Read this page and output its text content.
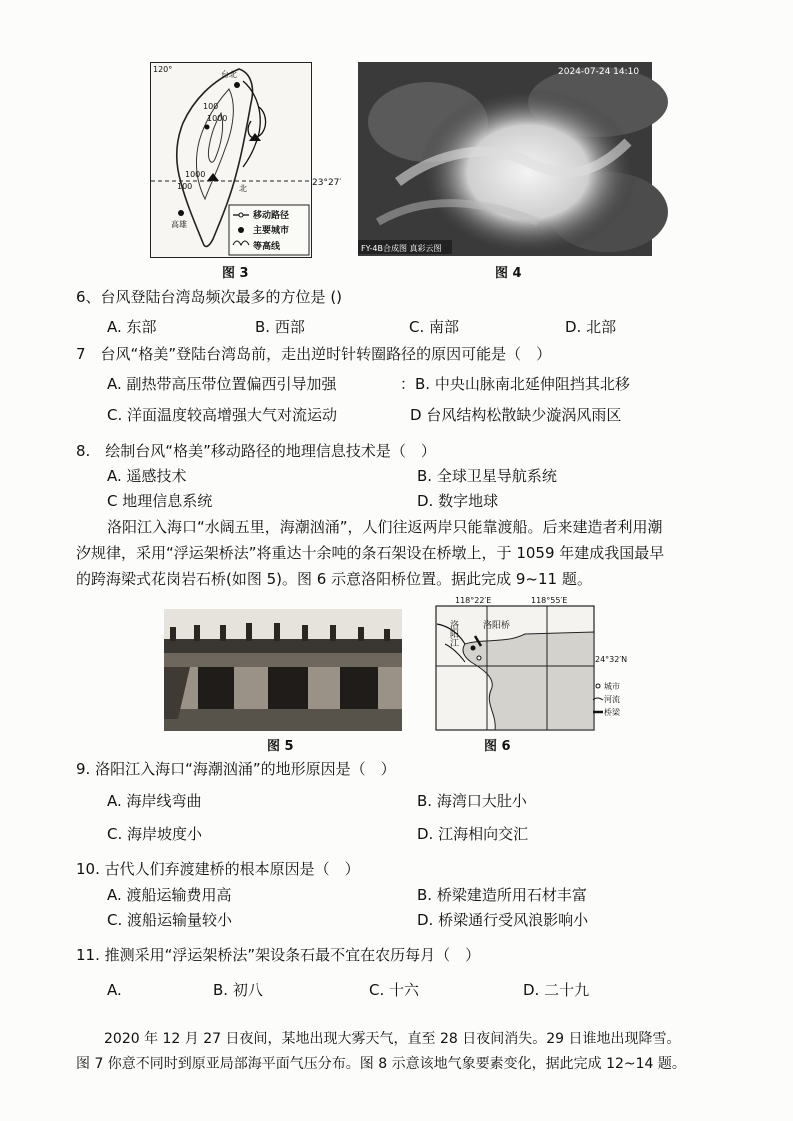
120°
北
100
1000
1000
100
台北
高雄
移动路径
主要城市
等高线
23°27′
图 3
2024-07-24 14:10
FY-4B合成图 真彩云图
图 4
6、台风登陆台湾岛频次最多的方位是 ()
A. 东部	B. 西部	C. 南部	D. 北部
7　台风“格美”登陆台湾岛前，走出逆时针转圈路径的原因可能是（　）
A. 副热带高压带位置偏西引导加强	：B. 中央山脉南北延伸阻挡其北移
C. 洋面温度较高增强大气对流运动	D 台风结构松散缺少漩涡风雨区
8.　绘制台风“格美”移动路径的地理信息技术是（　）
A. 遥感技术	B. 全球卫星导航系统
C 地理信息系统	D. 数字地球
洛阳江入海口“水阔五里，海潮汹涌”，人们往返两岸只能靠渡船。后来建造者利用潮
汐规律，采用“浮运架桥法”将重达十余吨的条石架设在桥墩上，于 1059 年建成我国最早
的跨海梁式花岗岩石桥(如图 5)。图 6 示意洛阳桥位置。据此完成 9~11 题。
图 5
洛阳江	洛阳桥
118°22′E	118°55′E
24°32′N
城市
河流
桥梁
图 6
9. 洛阳江入海口“海潮汹涌”的地形原因是（　）
A. 海岸线弯曲	B. 海湾口大肚小
C. 海岸坡度小	D. 江海相向交汇
10. 古代人们弃渡建桥的根本原因是（　）
A. 渡船运输费用高	B. 桥梁建造所用石材丰富
C. 渡船运输量较小	D. 桥梁通行受风浪影响小
11. 推测采用“浮运架桥法”架设条石最不宜在农历每月（　）
A.	B. 初八	C. 十六	D. 二十九
2020 年 12 月 27 日夜间，某地出现大雾天气，直至 28 日夜间消失。29 日谁地出现降雪。
图 7 你意不同时到原亚局部海平面气压分布。图 8 示意该地气象要素变化，据此完成 12~14 题。
